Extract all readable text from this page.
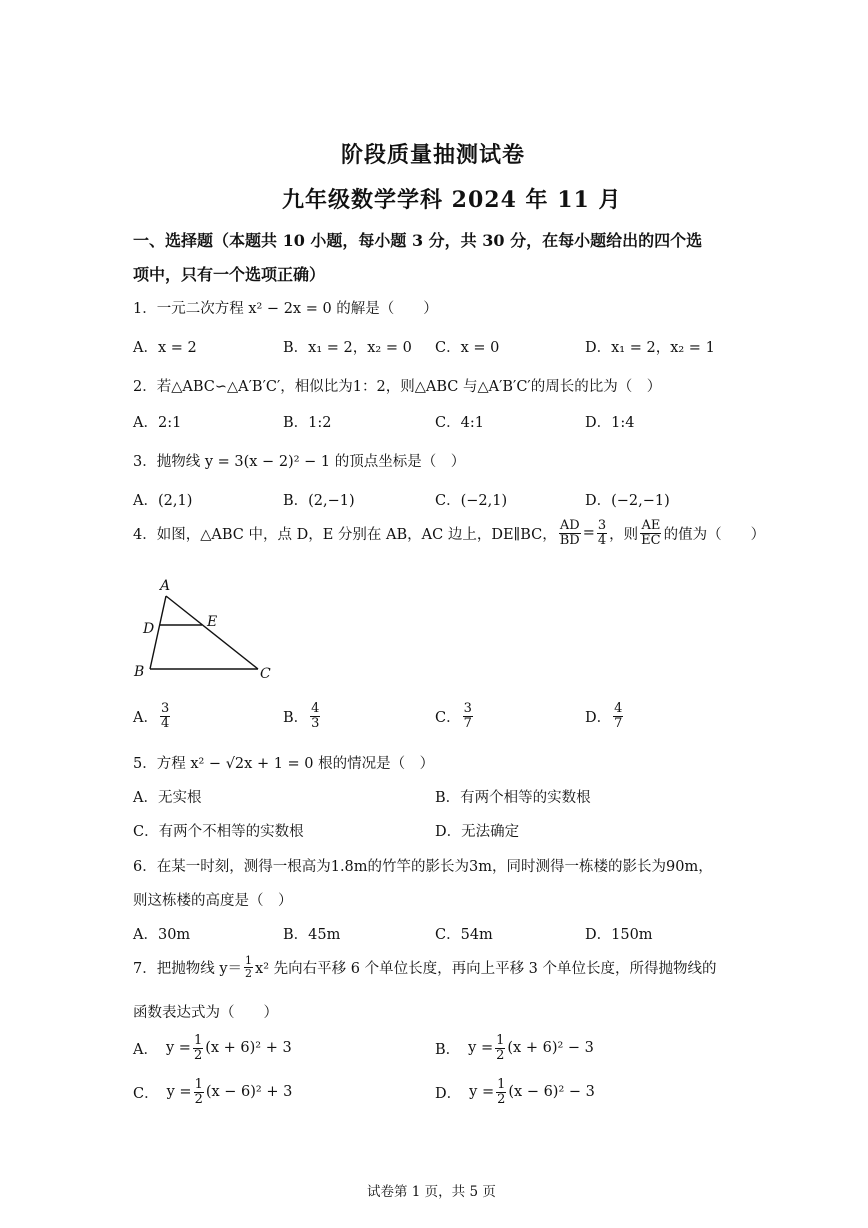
阶段质量抽测试卷
九年级数学学科 2024 年 11 月
一、选择题（本题共 10 小题，每小题 3 分，共 30 分，在每小题给出的四个选
项中，只有一个选项正确）
1．一元二次方程 x² − 2x = 0 的解是（　　）
A．x = 2	B．x₁ = 2，x₂ = 0 C．x = 0	D．x₁ = 2，x₂ = 1
2．若△ABC∽△A′B′C′，相似比为1：2，则△ABC 与△A′B′C′的周长的比为（　）
A．2:1	B．1:2	C．4:1	D．1:4
3．抛物线 y = 3(x − 2)² − 1 的顶点坐标是（　）
A．(2,1)	B．(2,−1)	C．(−2,1)	D．(−2,−1)
4．如图，△ABC 中，点 D，E 分别在 AB，AC 边上，DE∥BC， $\frac{AD}{BD} = \frac{3}{4}$ ，则 $\frac{AE}{EC}$ 的值为（　　）
A
D	E
B	C
A． $\frac{3}{4}$	B． $\frac{4}{3}$	C． $\frac{3}{7}$	D． $\frac{4}{7}$
5．方程 x² − √2x + 1 = 0 根的情况是（　）
A．无实根	B．有两个相等的实数根
C．有两个不相等的实数根	D．无法确定
6．在某一时刻，测得一根高为1.8m的竹竿的影长为3m，同时测得一栋楼的影长为90m，
则这栋楼的高度是（　）
A．30m	B．45m	C．54m	D．150m
7．把抛物线 $y= \frac{1}{2} x^2$ 先向右平移 6 个单位长度，再向上平移 3 个单位长度，所得抛物线的
函数表达式为（　　）
A． $y = \frac{1}{2} (x + 6)^2 + 3$	B． $y = \frac{1}{2} (x + 6)^2 - 3$
C． $y = \frac{1}{2} (x - 6)^2 + 3$	D． $y = \frac{1}{2} (x - 6)^2 - 3$
试卷第 1 页，共 5 页
